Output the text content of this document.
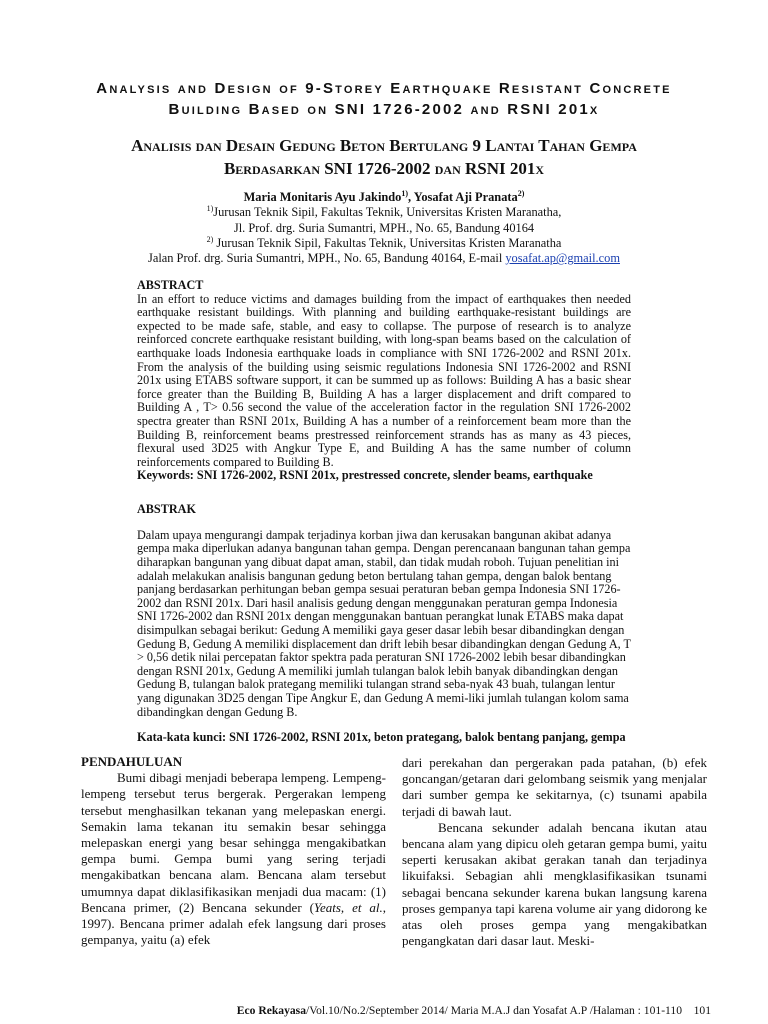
Analysis and Design of 9-Storey Earthquake Resistant Concrete
Building Based on SNI 1726-2002 and RSNI 201x
Analisis dan Desain Gedung Beton Bertulang 9 Lantai Tahan Gempa
Berdasarkan SNI 1726-2002 dan RSNI 201x
Maria Monitaris Ayu Jakindo$^{1)}$, Yosafat Aji Pranata$^{2)}$
$^{1)}$Jurusan Teknik Sipil, Fakultas Teknik, Universitas Kristen Maranatha,
Jl. Prof. drg. Suria Sumantri, MPH., No. 65, Bandung 40164
$^{2)}$ Jurusan Teknik Sipil, Fakultas Teknik, Universitas Kristen Maranatha
Jalan Prof. drg. Suria Sumantri, MPH., No. 65, Bandung 40164, E-mail yosafat.ap@gmail.com

ABSTRACT

In an effort to reduce victims and damages building from the impact of earthquakes then needed earthquake resistant buildings. With planning and building earthquake-resistant buildings are expected to be made safe, stable, and easy to collapse. The purpose of research is to analyze reinforced concrete earthquake resistant building, with long-span beams based on the calculation of earthquake loads Indonesia earthquake loads in compliance with SNI 1726-2002 and RSNI 201x. From the analysis of the building using seismic regulations Indonesia SNI 1726-2002 and RSNI 201x using ETABS software support, it can be summed up as follows: Building A has a basic shear force greater than the Building B, Building A has a larger displacement and drift compared to Building A , T> 0.56 second the value of the acceleration factor in the regulation SNI 1726-2002 spectra greater than RSNI 201x, Building A has a number of a reinforcement beam more than the Building B, reinforcement beams prestressed reinforcement strands has as many as 43 pieces, flexural used 3D25 with Angkur Type E, and Building A has the same number of column reinforcements compared to Building B.

Keywords: SNI 1726-2002, RSNI 201x, prestressed concrete, slender beams, earthquake

ABSTRAK

Dalam upaya mengurangi dampak terjadinya korban jiwa dan kerusakan bangunan akibat adanya gempa maka diperlukan adanya bangunan tahan gempa. Dengan perencanaan bangunan tahan gempa diharapkan bangunan yang dibuat dapat aman, stabil, dan tidak mudah roboh. Tujuan penelitian ini adalah melakukan analisis bangunan gedung beton bertulang tahan gempa, dengan balok bentang panjang berdasarkan perhitungan beban gempa sesuai peraturan beban gempa Indonesia SNI 1726-2002 dan RSNI 201x. Dari hasil analisis gedung dengan menggunakan peraturan gempa Indonesia SNI 1726-2002 dan RSNI 201x dengan menggunakan bantuan perangkat lunak ETABS maka dapat disimpulkan sebagai berikut: Gedung A memiliki gaya geser dasar lebih besar dibandingkan dengan Gedung B, Gedung A memiliki displacement dan drift lebih besar dibandingkan dengan Gedung A, T > 0,56 detik nilai percepatan faktor spektra pada peraturan SNI 1726-2002 lebih besar dibandingkan dengan RSNI 201x, Gedung A memiliki jumlah tulangan balok lebih banyak dibandingkan dengan Gedung B, tulangan balok prategang memiliki tulangan strand seba-nyak 43 buah, tulangan lentur yang digunakan 3D25 dengan Tipe Angkur E, dan Gedung A memi-liki jumlah tulangan kolom sama dibandingkan dengan Gedung B.

Kata-kata kunci: SNI 1726-2002, RSNI 201x, beton prategang, balok bentang panjang, gempa

PENDAHULUAN

Bumi dibagi menjadi beberapa lempeng. Lempeng-lempeng tersebut terus bergerak. Pergerakan lempeng tersebut menghasilkan tekanan yang melepaskan energi. Semakin lama tekanan itu semakin besar sehingga melepaskan energi yang besar sehingga mengakibatkan gempa bumi. Gempa bumi yang sering terjadi mengakibatkan bencana alam. Bencana alam tersebut umumnya dapat diklasifikasikan menjadi dua macam: (1) Bencana primer, (2) Bencana sekunder (Yeats, et al., 1997). Bencana primer adalah efek langsung dari proses gempanya, yaitu (a) efek

dari perekahan dan pergerakan pada patahan, (b) efek goncangan/getaran dari gelombang seismik yang menjalar dari sumber gempa ke sekitarnya, (c) tsunami apabila terjadi di bawah laut.

Bencana sekunder adalah bencana ikutan atau bencana alam yang dipicu oleh getaran gempa bumi, yaitu seperti kerusakan akibat gerakan tanah dan terjadinya likuifaksi. Sebagian ahli mengklasifikasikan tsunami sebagai bencana sekunder karena bukan langsung karena proses gempanya tapi karena volume air yang didorong ke atas oleh proses gempa yang mengakibatkan pengangkatan dari dasar laut. Meski-

Eco Rekayasa/Vol.10/No.2/September 2014/ Maria M.A.J dan Yosafat A.P /Halaman : 101-110 101
